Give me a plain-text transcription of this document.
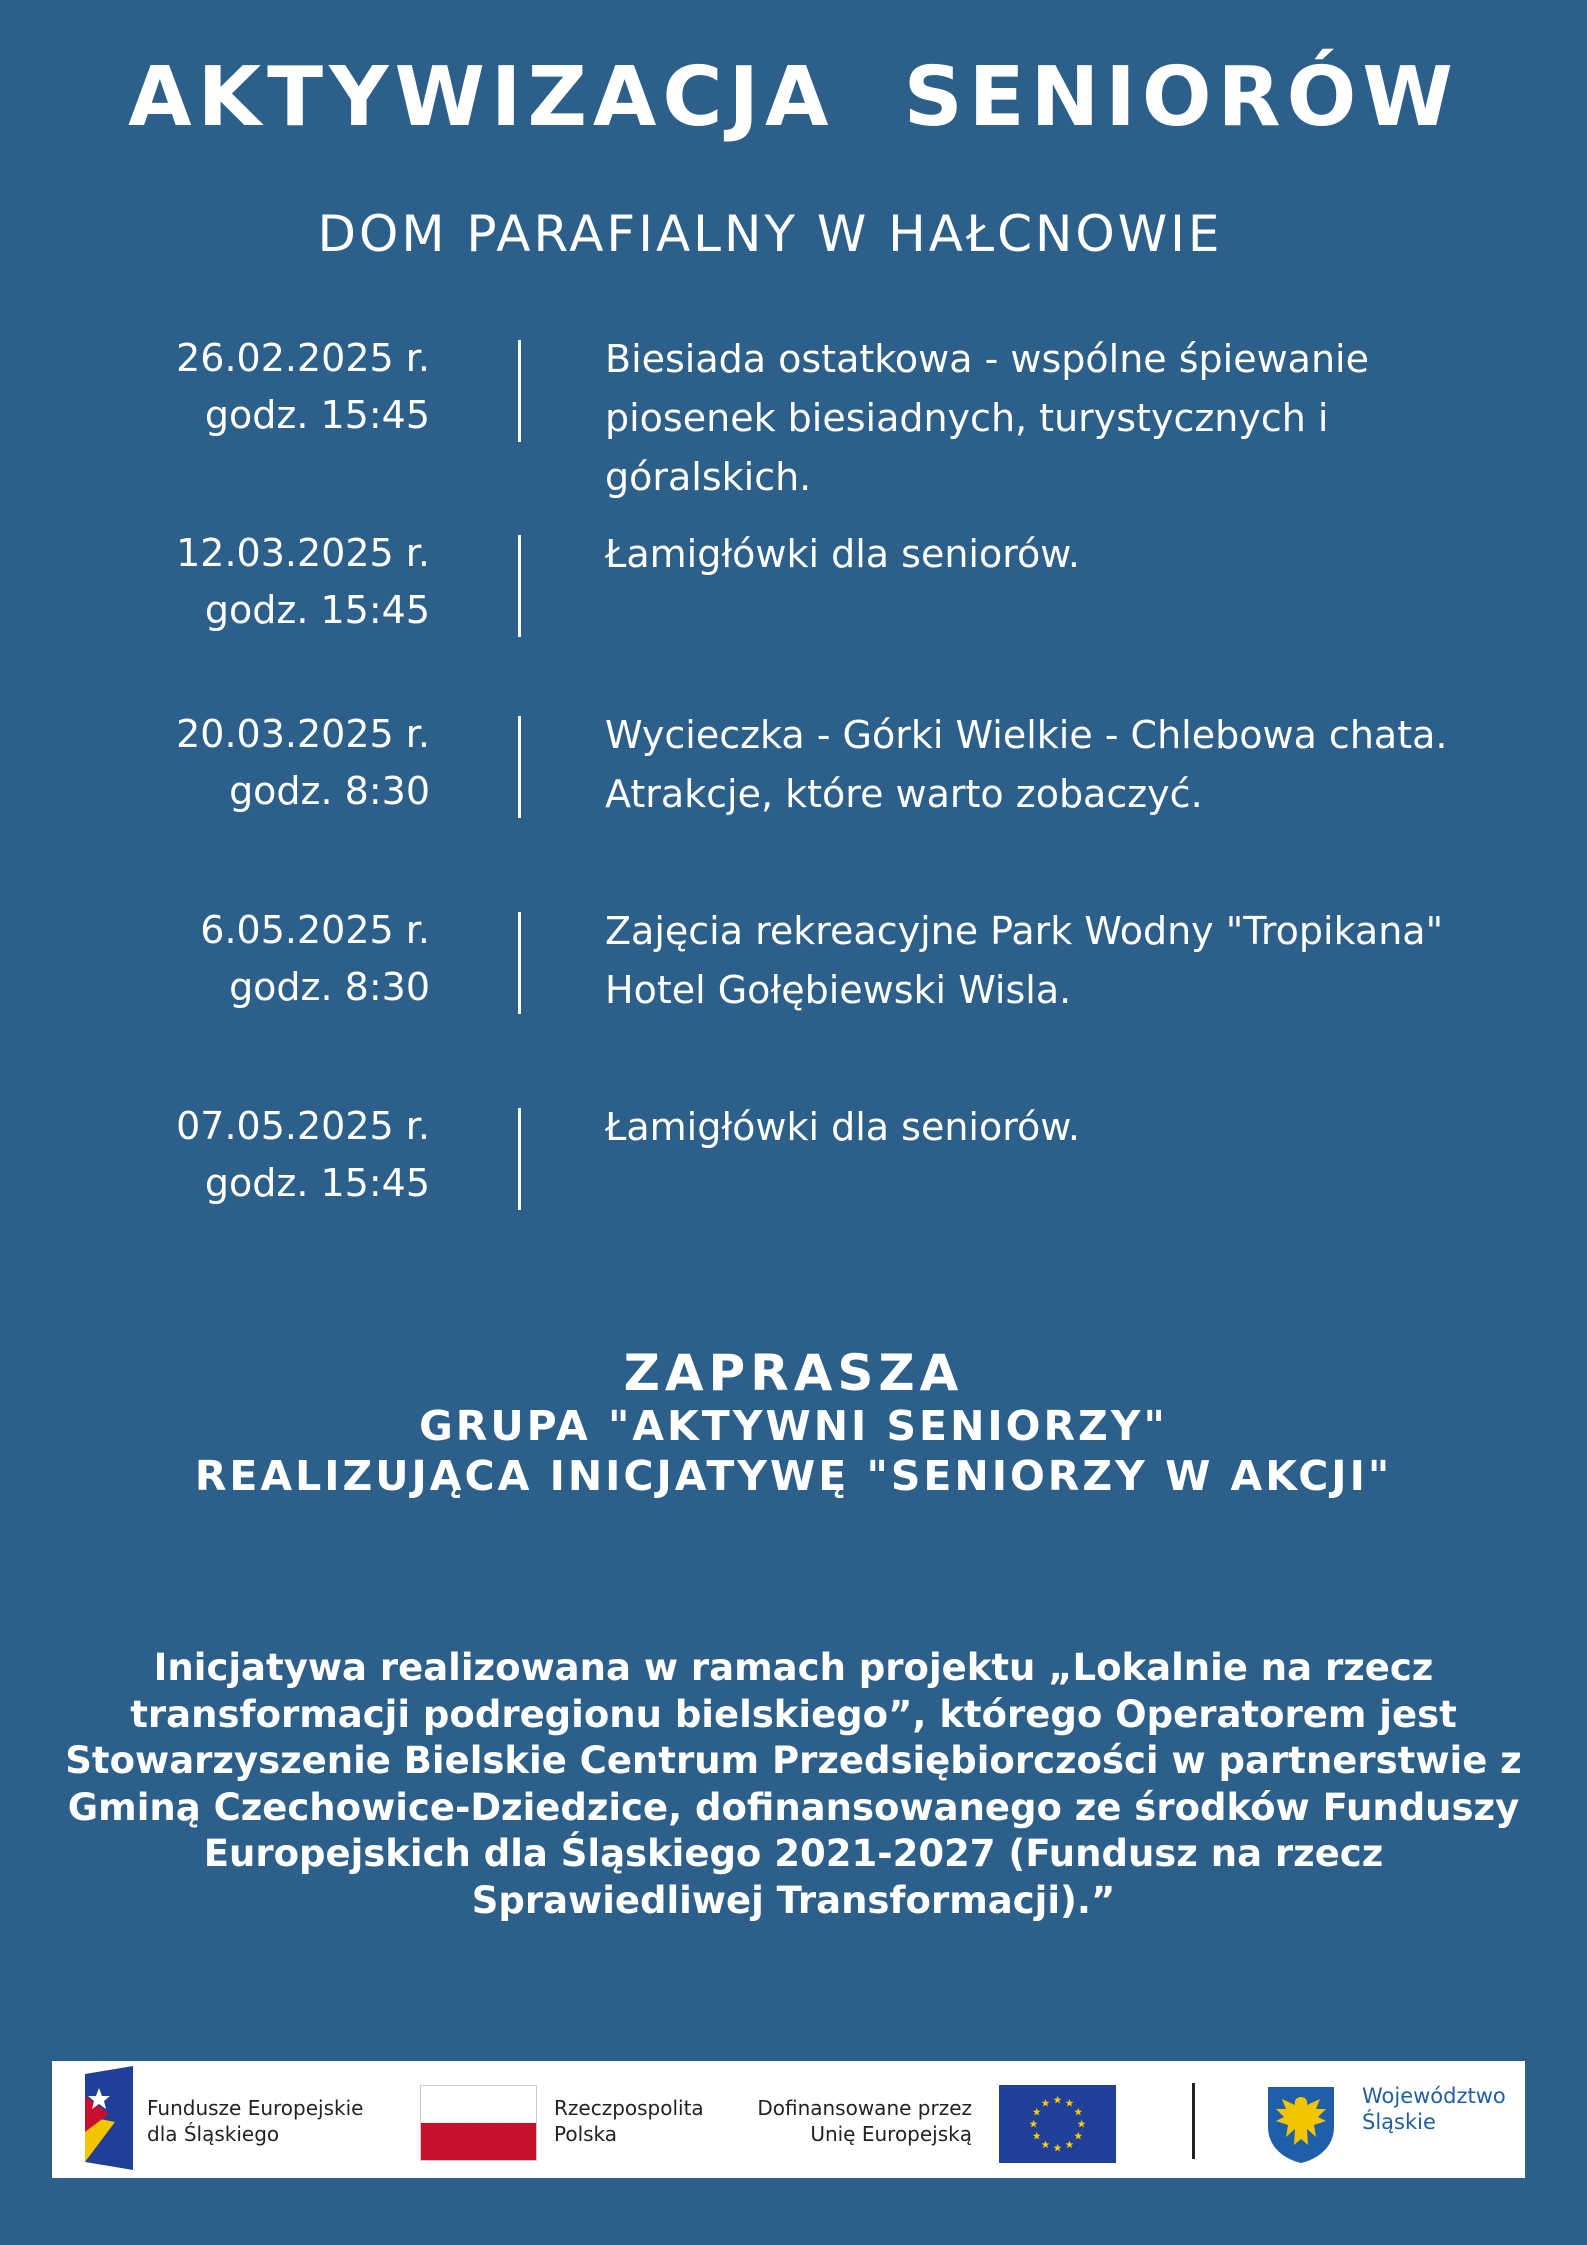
AKTYWIZACJA  SENIORÓW
DOM PARAFIALNY W HAŁCNOWIE
26.02.2025 r.
godz. 15:45
Biesiada ostatkowa - wspólne śpiewanie piosenek biesiadnych, turystycznych i góralskich.
12.03.2025 r.
godz. 15:45
Łamigłówki dla seniorów.
20.03.2025 r.
godz. 8:30
Wycieczka - Górki Wielkie - Chlebowa chata. Atrakcje, które warto zobaczyć.
6.05.2025 r.
godz. 8:30
Zajęcia rekreacyjne Park Wodny "Tropikana" Hotel Gołębiewski Wisla.
07.05.2025 r.
godz. 15:45
Łamigłówki dla seniorów.
ZAPRASZA
GRUPA "AKTYWNI SENIORZY"
REALIZUJĄCA INICJATYWĘ "SENIORZY W AKCJI"
Inicjatywa realizowana w ramach projektu „Lokalnie na rzecz transformacji podregionu bielskiego”, którego Operatorem jest Stowarzyszenie Bielskie Centrum Przedsiębiorczości w partnerstwie z Gminą Czechowice-Dziedzice, dofinansowanego ze środków Funduszy Europejskich dla Śląskiego 2021-2027 (Fundusz na rzecz Sprawiedliwej Transformacji).”
Fundusze Europejskie
dla Śląskiego
Rzeczpospolita
Polska
Dofinansowane przez
Unię Europejską
Województwo
Śląskie
